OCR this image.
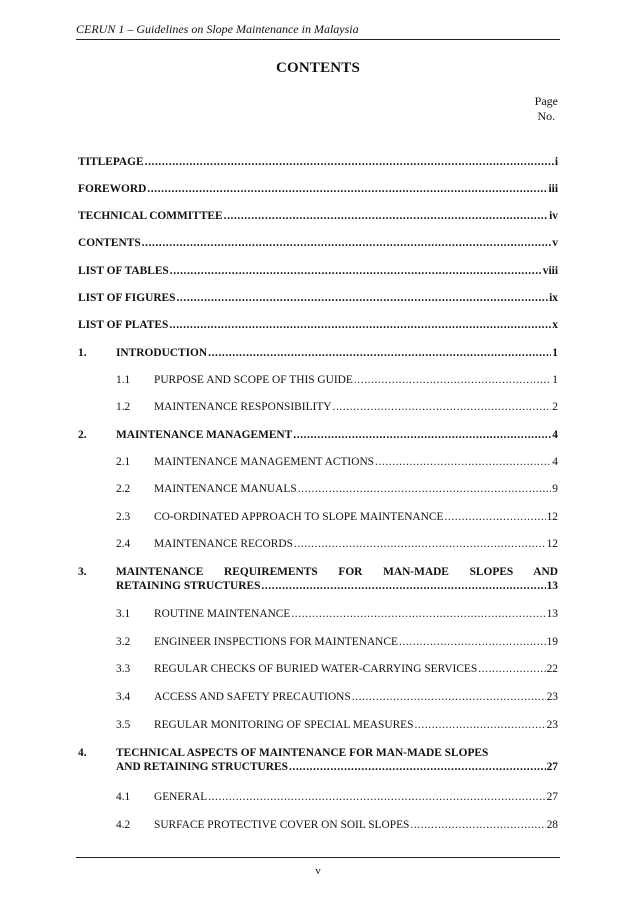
CERUN 1 – Guidelines on Slope Maintenance in Malaysia
CONTENTS
Page
No.
TITLEPAGE .....	i
FOREWORD .....	iii
TECHNICAL COMMITTEE .....	iv
CONTENTS .....	v
LIST OF TABLES .....	viii
LIST OF FIGURES .....	ix
LIST OF PLATES .....	x
1.	INTRODUCTION .....	1
1.1	PURPOSE AND SCOPE OF THIS GUIDE .....	1
1.2	MAINTENANCE RESPONSIBILITY .....	2
2.	MAINTENANCE MANAGEMENT .....	4
2.1	MAINTENANCE MANAGEMENT ACTIONS .....	4
2.2	MAINTENANCE MANUALS .....	9
2.3	CO-ORDINATED APPROACH TO SLOPE MAINTENANCE .....	12
2.4	MAINTENANCE RECORDS .....	12
3.	MAINTENANCE REQUIREMENTS FOR MAN-MADE SLOPES AND
RETAINING STRUCTURES .....	13
3.1	ROUTINE MAINTENANCE .....	13
3.2	ENGINEER INSPECTIONS FOR MAINTENANCE .....	19
3.3	REGULAR CHECKS OF BURIED WATER-CARRYING SERVICES .....	22
3.4	ACCESS AND SAFETY PRECAUTIONS .....	23
3.5	REGULAR MONITORING OF SPECIAL MEASURES .....	23
4.	TECHNICAL ASPECTS OF MAINTENANCE FOR MAN-MADE SLOPES
AND RETAINING STRUCTURES .....	27
4.1	GENERAL .....	27
4.2	SURFACE PROTECTIVE COVER ON SOIL SLOPES .....	28
v
